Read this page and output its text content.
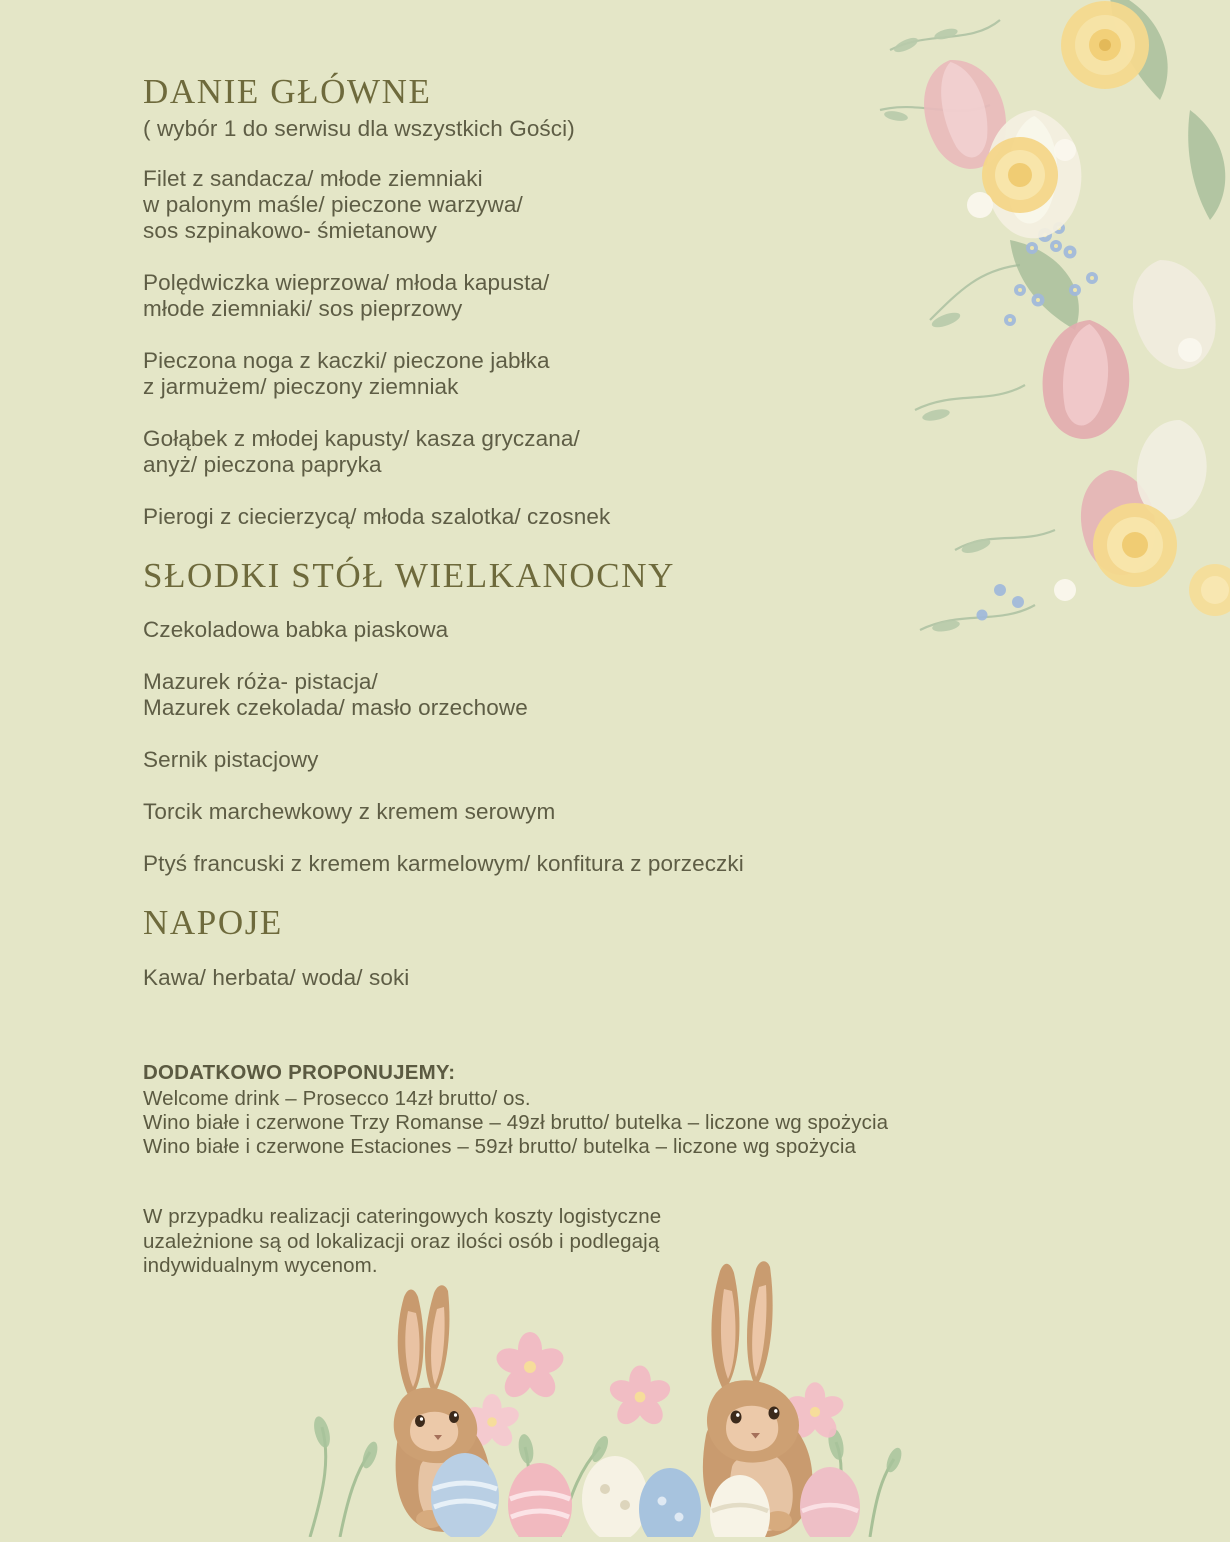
DANIE GŁÓWNE

( wybór 1 do serwisu dla wszystkich Gości)

Filet z sandacza/ młode ziemniaki
w palonym maśle/ pieczone warzywa/
sos szpinakowo- śmietanowy

Polędwiczka wieprzowa/ młoda kapusta/
młode ziemniaki/ sos pieprzowy

Pieczona noga z kaczki/ pieczone jabłka
z jarmużem/ pieczony ziemniak

Gołąbek z młodej kapusty/ kasza gryczana/
anyż/ pieczona papryka

Pierogi z ciecierzycą/ młoda szalotka/ czosnek

SŁODKI STÓŁ WIELKANOCNY

Czekoladowa babka piaskowa

Mazurek róża- pistacja/
Mazurek czekolada/ masło orzechowe

Sernik pistacjowy

Torcik marchewkowy z kremem serowym

Ptyś francuski z kremem karmelowym/ konfitura z porzeczki

NAPOJE

Kawa/ herbata/ woda/ soki

DODATKOWO PROPONUJEMY:

Welcome drink – Prosecco 14zł brutto/ os.

Wino białe i czerwone Trzy Romanse – 49zł brutto/ butelka – liczone wg spożycia

Wino białe i czerwone Estaciones – 59zł brutto/ butelka – liczone wg spożycia

W przypadku realizacji cateringowych koszty logistyczne
uzależnione są od lokalizacji oraz ilości osób i podlegają
indywidualnym wycenom.
